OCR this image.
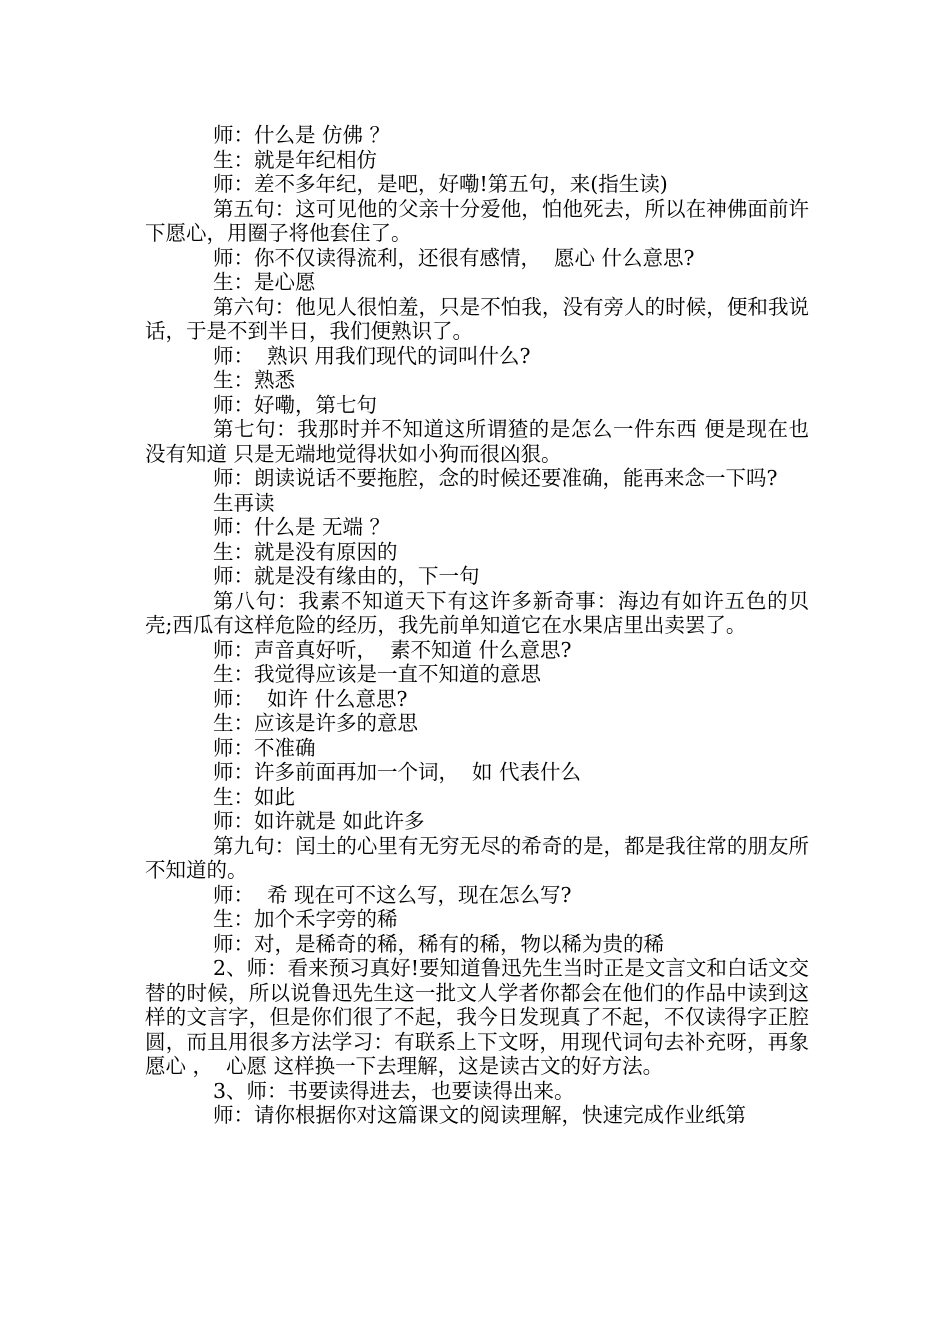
师：什么是 仿佛 ？

生：就是年纪相仿

师：差不多年纪，是吧，好嘞!第五句，来(指生读)

第五句：这可见他的父亲十分爱他，怕他死去，所以在神佛面前许下愿心，用圈子将他套住了。

师：你不仅读得流利，还很有感情，  愿心 什么意思?

生：是心愿

第六句：他见人很怕羞，只是不怕我，没有旁人的时候，便和我说话，于是不到半日，我们便熟识了。

师：  熟识 用我们现代的词叫什么?

生：熟悉

师：好嘞，第七句

第七句：我那时并不知道这所谓猹的是怎么一件东西 便是现在也没有知道 只是无端地觉得状如小狗而很凶狠。

师：朗读说话不要拖腔，念的时候还要准确，能再来念一下吗?

生再读

师：什么是 无端 ？

生：就是没有原因的

师：就是没有缘由的，下一句

第八句：我素不知道天下有这许多新奇事：海边有如许五色的贝壳;西瓜有这样危险的经历，我先前单知道它在水果店里出卖罢了。

师：声音真好听，  素不知道 什么意思?

生：我觉得应该是一直不知道的意思

师：  如许 什么意思?

生：应该是许多的意思

师：不准确

师：许多前面再加一个词，  如 代表什么

生：如此

师：如许就是 如此许多

第九句：闰土的心里有无穷无尽的希奇的是，都是我往常的朋友所不知道的。

师：  希 现在可不这么写，现在怎么写?

生：加个禾字旁的稀

师：对，是稀奇的稀，稀有的稀，物以稀为贵的稀

2、师：看来预习真好!要知道鲁迅先生当时正是文言文和白话文交替的时候，所以说鲁迅先生这一批文人学者你都会在他们的作品中读到这样的文言字，但是你们很了不起，我今日发现真了不起，不仅读得字正腔圆，而且用很多方法学习：有联系上下文呀，用现代词句去补充呀，再象 愿心 ，  心愿 这样换一下去理解，这是读古文的好方法。

3、师：书要读得进去，也要读得出来。

师：请你根据你对这篇课文的阅读理解，快速完成作业纸第
